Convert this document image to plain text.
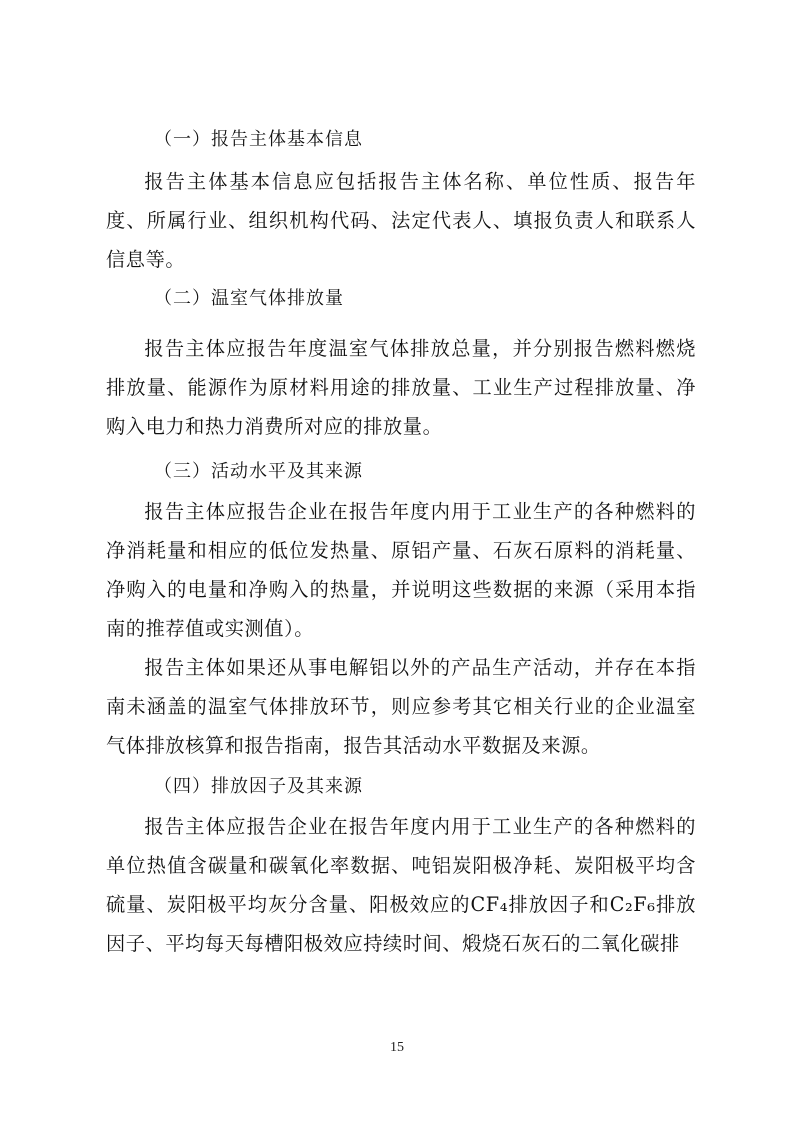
（一）报告主体基本信息

报告主体基本信息应包括报告主体名称、单位性质、报告年度、所属行业、组织机构代码、法定代表人、填报负责人和联系人信息等。

（二）温室气体排放量

报告主体应报告年度温室气体排放总量，并分别报告燃料燃烧排放量、能源作为原材料用途的排放量、工业生产过程排放量、净购入电力和热力消费所对应的排放量。

（三）活动水平及其来源

报告主体应报告企业在报告年度内用于工业生产的各种燃料的净消耗量和相应的低位发热量、原铝产量、石灰石原料的消耗量、净购入的电量和净购入的热量，并说明这些数据的来源（采用本指南的推荐值或实测值）。

报告主体如果还从事电解铝以外的产品生产活动，并存在本指南未涵盖的温室气体排放环节，则应参考其它相关行业的企业温室气体排放核算和报告指南，报告其活动水平数据及来源。

（四）排放因子及其来源

报告主体应报告企业在报告年度内用于工业生产的各种燃料的单位热值含碳量和碳氧化率数据、吨铝炭阳极净耗、炭阳极平均含硫量、炭阳极平均灰分含量、阳极效应的CF₄排放因子和C₂F₆排放因子、平均每天每槽阳极效应持续时间、煅烧石灰石的二氧化碳排

15
